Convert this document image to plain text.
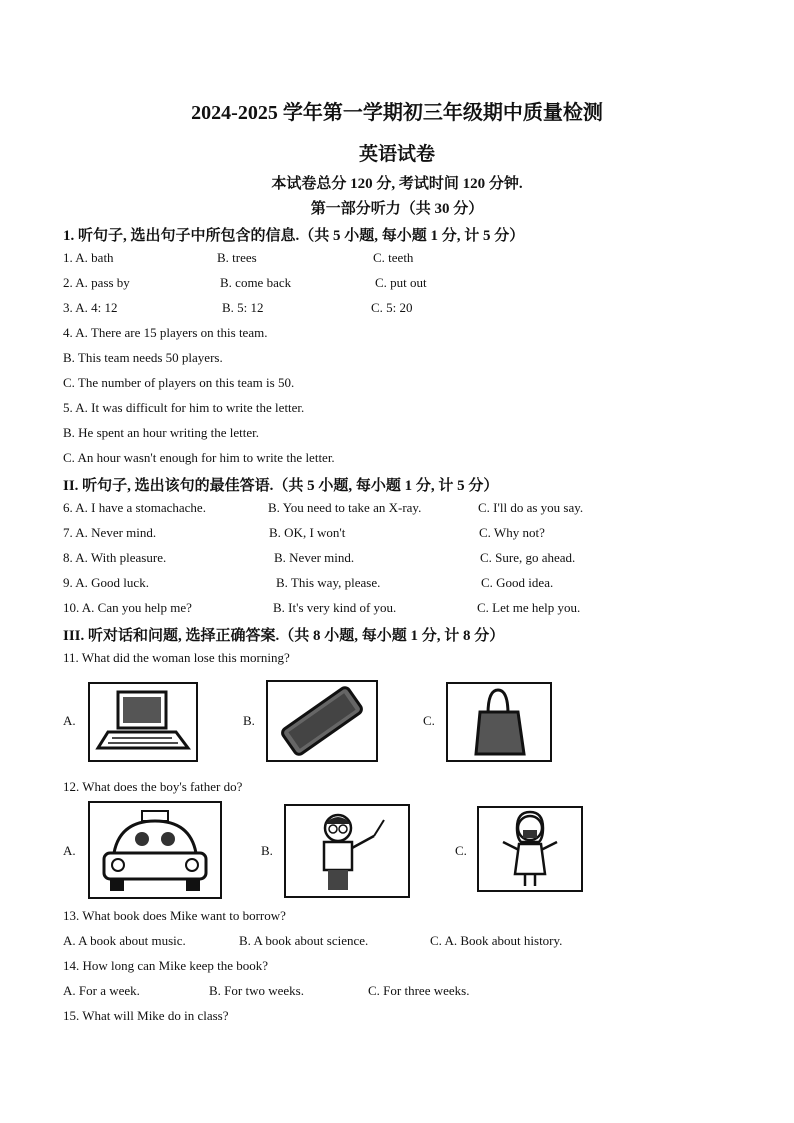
2024-2025 学年第一学期初三年级期中质量检测
英语试卷
本试卷总分 120 分, 考试时间 120 分钟.
第一部分听力（共 30 分）
1. 听句子, 选出句子中所包含的信息.（共 5 小题, 每小题 1 分, 计 5 分）
1. A. bath	B. trees	C. teeth
2. A. pass by	B. come back	C. put out
3. A. 4: 12	B. 5: 12	C. 5: 20
4. A. There are 15 players on this team.
B. This team needs 50 players.
C. The number of players on this team is 50.
5. A. It was difficult for him to write the letter.
B. He spent an hour writing the letter.
C. An hour wasn't enough for him to write the letter.
II. 听句子, 选出该句的最佳答语.（共 5 小题, 每小题 1 分, 计 5 分）
6. A. I have a stomachache.	B. You need to take an X-ray.	C. I'll do as you say.
7. A. Never mind.	B. OK, I won't	C. Why not?
8. A. With pleasure.	B. Never mind.	C. Sure, go ahead.
9. A. Good luck.	B. This way, please.	C. Good idea.
10. A. Can you help me?	B. It's very kind of you.	C. Let me help you.
III. 听对话和问题, 选择正确答案.（共 8 小题, 每小题 1 分, 计 8 分）
11. What did the woman lose this morning?
A.	B.	C.
12. What does the boy's father do?
A.	B.	C.
13. What book does Mike want to borrow?
A. A book about music.	B. A book about science.	C. A. Book about history.
14. How long can Mike keep the book?
A. For a week.	B. For two weeks.	C. For three weeks.
15. What will Mike do in class?
